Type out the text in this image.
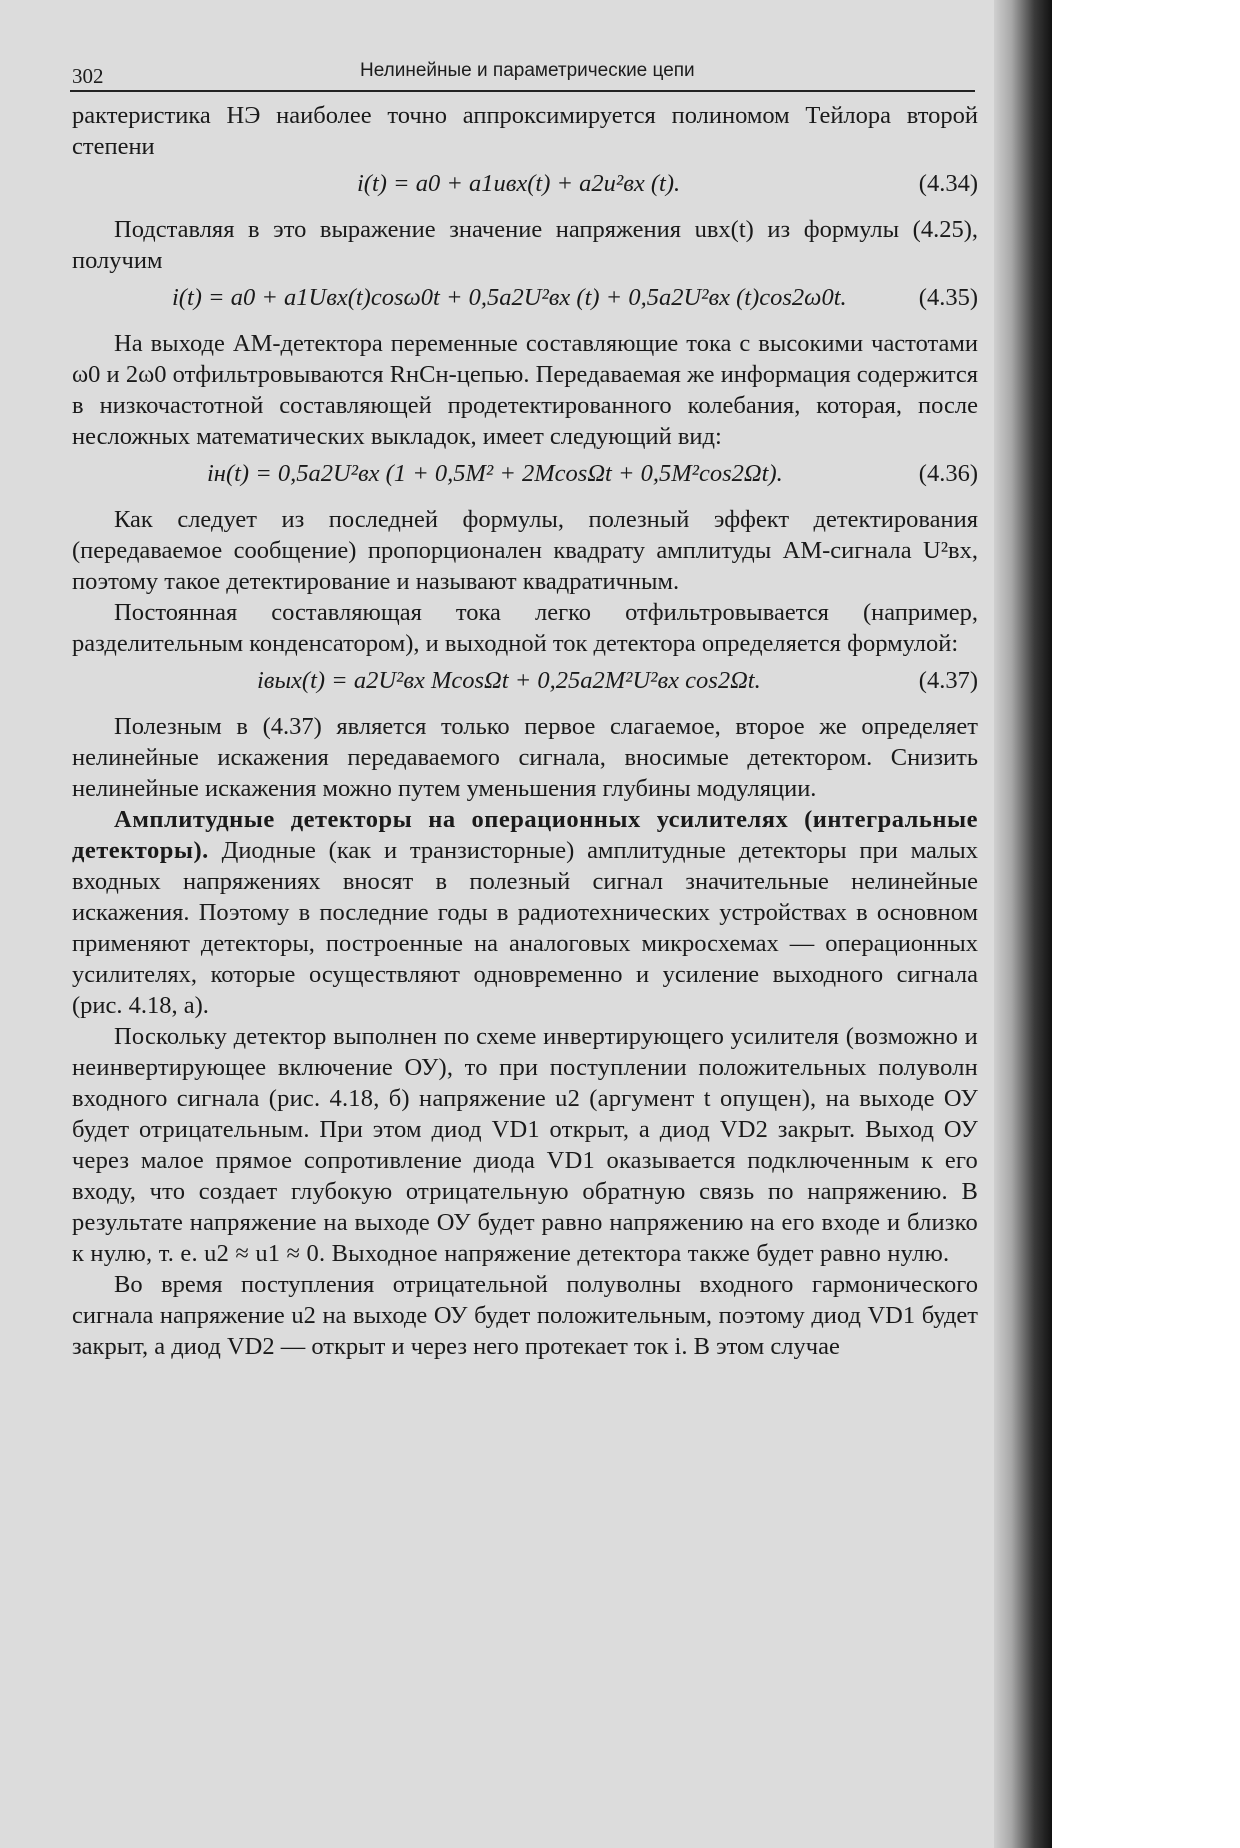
302	Нелинейные и параметрические цепи

рактеристика НЭ наиболее точно аппроксимируется полиномом Тейлора второй степени

i(t) = a0 + a1uвх(t) + a2u²вх (t).	(4.34)

Подставляя в это выражение значение напряжения uвх(t) из формулы (4.25), получим

i(t) = a0 + a1Uвх(t)cosω0t + 0,5a2U²вх (t) + 0,5a2U²вх (t)cos2ω0t.	(4.35)

На выходе АМ-детектора переменные составляющие тока с высокими частотами ω0 и 2ω0 отфильтровываются RнCн-цепью. Передаваемая же информация содержится в низкочастотной составляющей продетектированного колебания, которая, после несложных математических выкладок, имеет следующий вид:

iн(t) = 0,5a2U²вх (1 + 0,5M² + 2McosΩt + 0,5M²cos2Ωt).	(4.36)

Как следует из последней формулы, полезный эффект детектирования (передаваемое сообщение) пропорционален квадрату амплитуды АМ-сигнала U²вх, поэтому такое детектирование и называют квадратичным.

Постоянная составляющая тока легко отфильтровывается (например, разделительным конденсатором), и выходной ток детектора определяется формулой:

iвых(t) = a2U²вх McosΩt + 0,25a2M²U²вх cos2Ωt.	(4.37)

Полезным в (4.37) является только первое слагаемое, второе же определяет нелинейные искажения передаваемого сигнала, вносимые детектором. Снизить нелинейные искажения можно путем уменьшения глубины модуляции.

Амплитудные детекторы на операционных усилителях (интегральные детекторы). Диодные (как и транзисторные) амплитудные детекторы при малых входных напряжениях вносят в полезный сигнал значительные нелинейные искажения. Поэтому в последние годы в радиотехнических устройствах в основном применяют детекторы, построенные на аналоговых микросхемах — операционных усилителях, которые осуществляют одновременно и усиление выходного сигнала (рис. 4.18, а).

Поскольку детектор выполнен по схеме инвертирующего усилителя (возможно и неинвертирующее включение ОУ), то при поступлении положительных полуволн входного сигнала (рис. 4.18, б) напряжение u2 (аргумент t опущен), на выходе ОУ будет отрицательным. При этом диод VD1 открыт, а диод VD2 закрыт. Выход ОУ через малое прямое сопротивление диода VD1 оказывается подключенным к его входу, что создает глубокую отрицательную обратную связь по напряжению. В результате напряжение на выходе ОУ будет равно напряжению на его входе и близко к нулю, т. е. u2 ≈ u1 ≈ 0. Выходное напряжение детектора также будет равно нулю.

Во время поступления отрицательной полуволны входного гармонического сигнала напряжение u2 на выходе ОУ будет положительным, поэтому диод VD1 будет закрыт, а диод VD2 — открыт и через него протекает ток i. В этом случае
